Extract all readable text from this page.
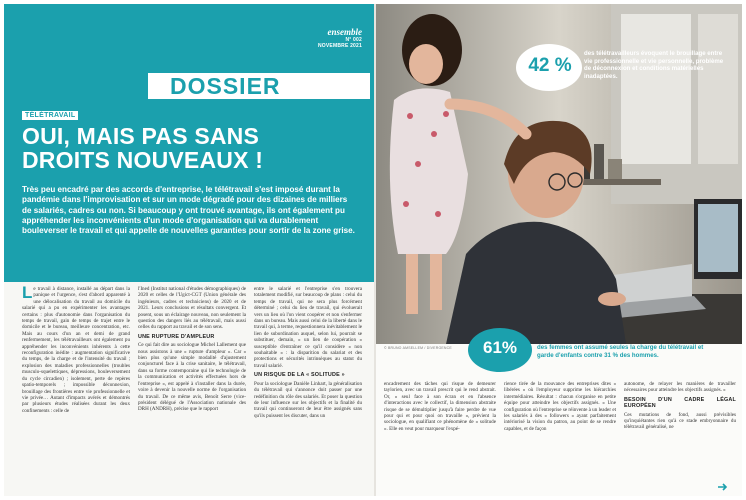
ensemble
N° 002
NOVEMBRE 2021
DOSSIER
TÉLÉTRAVAIL
OUI, MAIS PAS SANS
DROITS NOUVEAUX !
Très peu encadré par des accords d'entreprise, le télétravail s'est imposé durant la pandémie dans l'improvisation et sur un mode dégradé pour des dizaines de milliers de salariés, cadres ou non. Si beaucoup y ont trouvé avantage, ils ont également pu appréhender les inconvénients d'un mode d'organisation qui va durablement bouleverser le travail et qui appelle de nouvelles garanties pour sortir de la zone grise.

Le travail à distance, installé au départ dans la panique et l'urgence, s'est d'abord apparenté à une délocalisation du travail au domicile du salarié qui a pu en expérimenter les avantages certains : plus d'autonomie dans l'organisation du temps de travail, gain de temps de trajet entre le domicile et le bureau, meilleure concentration, etc. Mais au cours d'un an et demi de grand renfermement, les télétravailleurs ont également pu appréhender les inconvénients inhérents à cette reconfiguration inédite : augmentation significative du temps, de la charge et de l'intensité du travail ; explosion des maladies professionnelles (troubles musculo-squelettiques, dépressions, bouleversement du cycle circadien) ; isolement, perte de repères spatio-temporels ; impossible déconnexion, brouillage des frontières entre vie professionnelle et vie privée… Autant d'impacts avérés et démontrés par plusieurs études réalisées durant les deux confinements : celle de

l'Ined (Institut national d'études démographiques) de 2020 et celles de l'Ugict-CGT (Union générale des ingénieurs, cadres et techniciens) de 2020 et de 2021. Leurs conclusions et résultats convergent. Et posent, sous un éclairage nouveau, non seulement la question des dangers liés au télétravail, mais aussi celles du rapport au travail et de son sens.

UNE RUPTURE D'AMPLEUR

Ce qui fait dire au sociologue Michel Lallement que nous assistons à une « rupture d'ampleur ». Car « bien plus qu'une simple modalité d'ajustement conjoncturel face à la crise sanitaire, le télétravail, dans sa forme contemporaine qui lie technologie de la communication et activités effectuées hors de l'entreprise », est appelé à s'installer dans la durée, voire à devenir la nouvelle norme de l'organisation du travail. De ce même avis, Benoît Serre (vice-président délégué de l'Association nationale des DRH (ANDRH), précise que le rapport

entre le salarié et l'entreprise s'en trouvera totalement modifié, sur beaucoup de plans : celui du temps de travail, qui ne sera plus forcément déterminé ; celui du lieu de travail, qui évoluerait vers un lieu où l'on vient coopérer et non s'enfermer dans un bureau. Mais aussi celui de la liberté dans le travail qui, à terme, requestionnera inévitablement le lien de subordination auquel, selon lui, pourrait se substituer, demain, « un lien de coopération » susceptible d'entraîner ce qu'il considère « non souhaitable » : la disparition du salariat et des protections et sécurités intrinsèques au statut du travail salarié.

UN RISQUE DE LA « SOLITUDE »

Pour la sociologue Danièle Linhart, la généralisation du télétravail qui s'annonce doit passer par une redéfinition du rôle des salariés. Et poser la question de leur influence sur les objectifs et la finalité du travail qui continueront de leur être assignés sans qu'ils puissent les discuter, dans un

© BRUNO AMSELLEM / DIVERGENCE
42 %
des télétravailleurs évoquent le brouillage entre vie professionnelle et vie personnelle, problème de déconnexion et conditions matérielles inadaptées.
61%	des femmes ont assumé seules la charge du télétravail et garde d'enfants contre 31 % des hommes.

encadrement des tâches qui risque de demeurer taylorien, avec un travail prescrit qui le rend abstrait. Or, « seul face à son écran et en l'absence d'interactions avec le collectif, la dimension abstraite risque de se démultiplier jusqu'à faire perdre de vue pour qui et pour quoi on travaille », prévient la sociologue, en qualifiant ce phénomène de « solitude ». Elle en veut pour marqueur l'expé-

rience tirée de la mouvance des entreprises dites « libérées » où l'employeur supprime les hiérarchies intermédiaires. Résultat : chacun s'organise en petite équipe pour atteindre les objectifs assignés. « Une configuration où l'entreprise se réinvente à un leader et les salariés à des « followers » ayant parfaitement intériorisé la vision du patron, au point de se rendre capables, et de façon

autonome, de relayer les manières de travailler nécessaires pour atteindre les objectifs assignés. »

BESOIN D'UN CADRE LÉGAL EUROPÉEN

Ces mutations de fond, aussi prévisibles qu'inquiétantes rien qu'à ce stade embryonnaire du télétravail généralisé, ne
